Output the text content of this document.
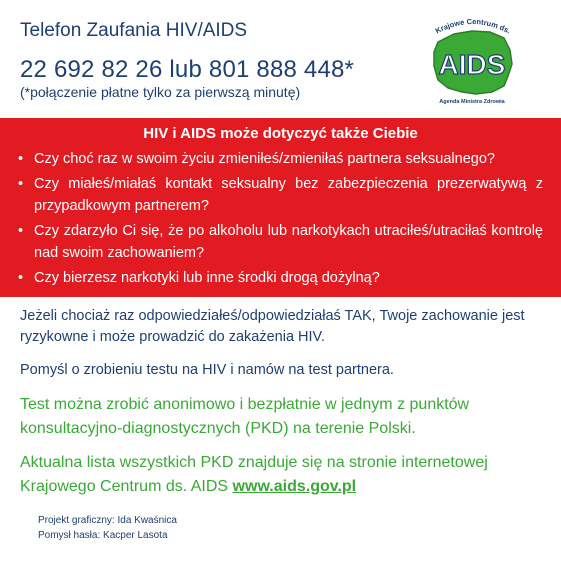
Telefon Zaufania HIV/AIDS
22 692 82 26 lub 801 888 448*
(*połączenie płatne tylko za pierwszą minutę)
Krajowe Centrum ds.
AIDS
Agenda Ministra Zdrowia
HIV i AIDS może dotyczyć także Ciebie
• Czy choć raz w swoim życiu zmieniłeś/zmieniłaś partnera seksualnego?
• Czy miałeś/miałaś kontakt seksualny bez zabezpieczenia prezerwatywą z przypadkowym partnerem?
• Czy zdarzyło Ci się, że po alkoholu lub narkotykach utraciłeś/utraciłaś kontrolę nad swoim zachowaniem?
• Czy bierzesz narkotyki lub inne środki drogą dożylną?
Jeżeli chociaż raz odpowiedziałeś/odpowiedziałaś TAK, Twoje zachowanie jest ryzykowne i może prowadzić do zakażenia HIV.
Pomyśl o zrobieniu testu na HIV i namów na test partnera.
Test można zrobić anonimowo i bezpłatnie w jednym z punktów konsultacyjno-diagnostycznych (PKD) na terenie Polski.
Aktualna lista wszystkich PKD znajduje się na stronie internetowej Krajowego Centrum ds. AIDS www.aids.gov.pl
Projekt graficzny: Ida Kwaśnica
Pomysł hasła: Kacper Lasota
